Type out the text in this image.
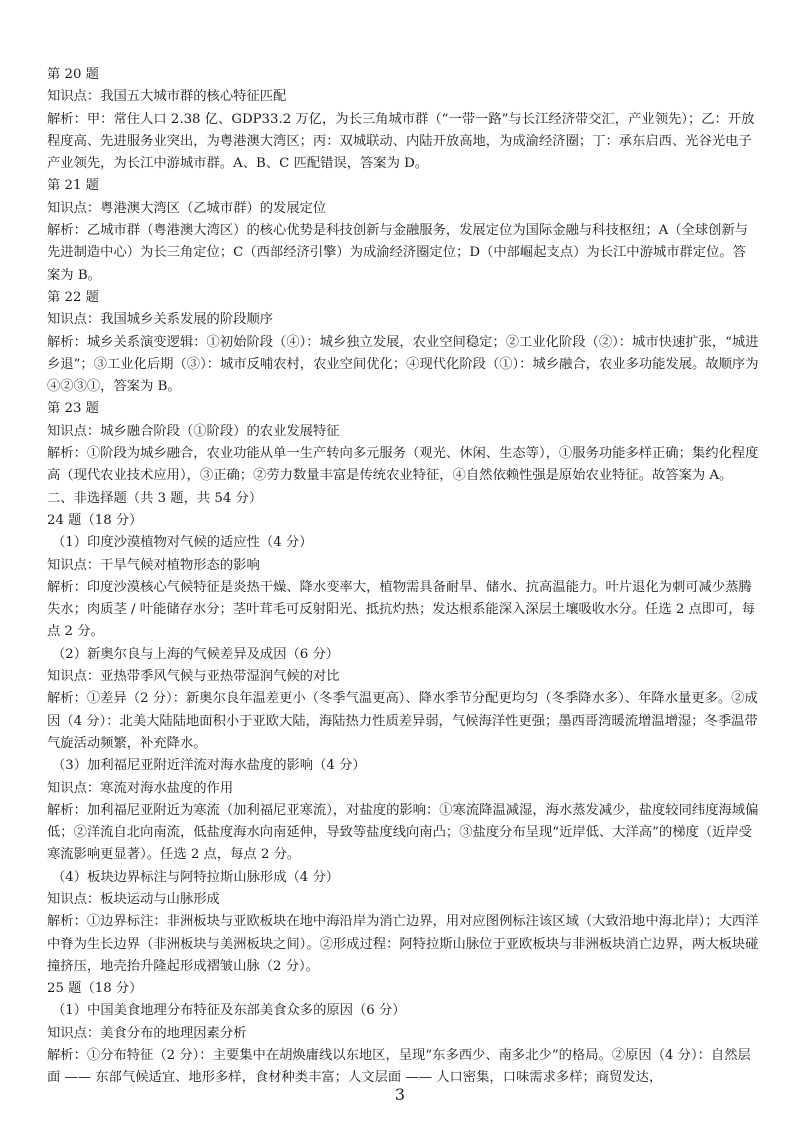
第 20 题

知识点：我国五大城市群的核心特征匹配

解析：甲：常住人口 2.38 亿、GDP33.2 万亿，为长三角城市群（“一带一路”与长江经济带交汇，产业领先）；乙：开放程度高、先进服务业突出，为粤港澳大湾区；丙：双城联动、内陆开放高地，为成渝经济圈；丁：承东启西、光谷光电子产业领先，为长江中游城市群。A、B、C 匹配错误，答案为 D。

第 21 题

知识点：粤港澳大湾区（乙城市群）的发展定位

解析：乙城市群（粤港澳大湾区）的核心优势是科技创新与金融服务，发展定位为国际金融与科技枢纽；A（全球创新与先进制造中心）为长三角定位；C（西部经济引擎）为成渝经济圈定位；D（中部崛起支点）为长江中游城市群定位。答案为 B。

第 22 题

知识点：我国城乡关系发展的阶段顺序

解析：城乡关系演变逻辑：①初始阶段（④）：城乡独立发展，农业空间稳定；②工业化阶段（②）：城市快速扩张，“城进乡退”；③工业化后期（③）：城市反哺农村，农业空间优化；④现代化阶段（①）：城乡融合，农业多功能发展。故顺序为④②③①，答案为 B。

第 23 题

知识点：城乡融合阶段（①阶段）的农业发展特征

解析：①阶段为城乡融合，农业功能从单一生产转向多元服务（观光、休闲、生态等），①服务功能多样正确；集约化程度高（现代农业技术应用），③正确；②劳力数量丰富是传统农业特征，④自然依赖性强是原始农业特征。故答案为 A。

二、非选择题（共 3 题，共 54 分）

24 题（18 分）

（1）印度沙漠植物对气候的适应性（4 分）

知识点：干旱气候对植物形态的影响

解析：印度沙漠核心气候特征是炎热干燥、降水变率大，植物需具备耐旱、储水、抗高温能力。叶片退化为刺可减少蒸腾失水；肉质茎 / 叶能储存水分；茎叶茸毛可反射阳光、抵抗灼热；发达根系能深入深层土壤吸收水分。任选 2 点即可，每点 2 分。

（2）新奥尔良与上海的气候差异及成因（6 分）

知识点：亚热带季风气候与亚热带湿润气候的对比

解析：①差异（2 分）：新奥尔良年温差更小（冬季气温更高）、降水季节分配更均匀（冬季降水多）、年降水量更多。②成因（4 分）：北美大陆陆地面积小于亚欧大陆，海陆热力性质差异弱，气候海洋性更强；墨西哥湾暖流增温增湿；冬季温带气旋活动频繁，补充降水。

（3）加利福尼亚附近洋流对海水盐度的影响（4 分）

知识点：寒流对海水盐度的作用

解析：加利福尼亚附近为寒流（加利福尼亚寒流），对盐度的影响：①寒流降温减湿，海水蒸发减少，盐度较同纬度海域偏低；②洋流自北向南流，低盐度海水向南延伸，导致等盐度线向南凸；③盐度分布呈现“近岸低、大洋高”的梯度（近岸受寒流影响更显著）。任选 2 点，每点 2 分。

（4）板块边界标注与阿特拉斯山脉形成（4 分）

知识点：板块运动与山脉形成

解析：①边界标注：非洲板块与亚欧板块在地中海沿岸为消亡边界，用对应图例标注该区域（大致沿地中海北岸）；大西洋中脊为生长边界（非洲板块与美洲板块之间）。②形成过程：阿特拉斯山脉位于亚欧板块与非洲板块消亡边界，两大板块碰撞挤压，地壳抬升隆起形成褶皱山脉（2 分）。

25 题（18 分）

（1）中国美食地理分布特征及东部美食众多的原因（6 分）

知识点：美食分布的地理因素分析

解析：①分布特征（2 分）：主要集中在胡焕庸线以东地区，呈现“东多西少、南多北少”的格局。②原因（4 分）：自然层面 —— 东部气候适宜、地形多样，食材种类丰富；人文层面 —— 人口密集，口味需求多样；商贸发达，

3
